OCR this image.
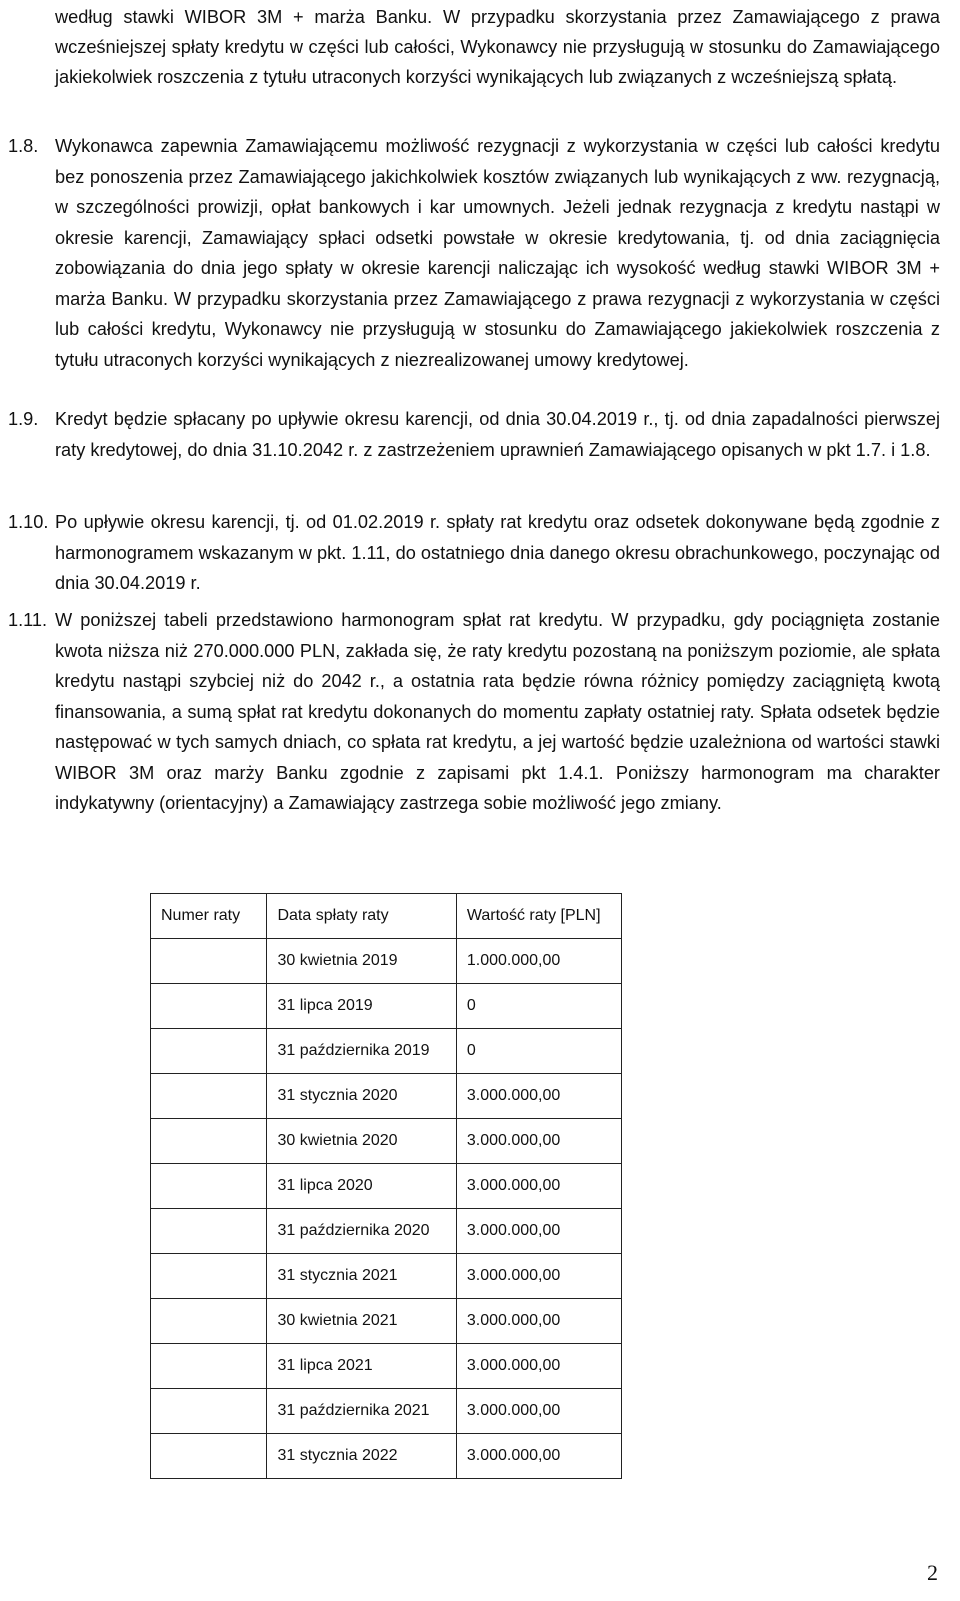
według stawki WIBOR 3M + marża Banku. W przypadku skorzystania przez Zamawiającego z prawa wcześniejszej spłaty kredytu w części lub całości, Wykonawcy nie przysługują w stosunku do Zamawiającego jakiekolwiek roszczenia z tytułu utraconych korzyści wynikających lub związanych z wcześniejszą spłatą.

1.8. Wykonawca zapewnia Zamawiającemu możliwość rezygnacji z wykorzystania w części lub całości kredytu bez ponoszenia przez Zamawiającego jakichkolwiek kosztów związanych lub wynikających z ww. rezygnacją, w szczególności prowizji, opłat bankowych i kar umownych. Jeżeli jednak rezygnacja z kredytu nastąpi w okresie karencji, Zamawiający spłaci odsetki powstałe w okresie kredytowania, tj. od dnia zaciągnięcia zobowiązania do dnia jego spłaty w okresie karencji naliczając ich wysokość według stawki WIBOR 3M + marża Banku. W przypadku skorzystania przez Zamawiającego z prawa rezygnacji z wykorzystania w części lub całości kredytu, Wykonawcy nie przysługują w stosunku do Zamawiającego jakiekolwiek roszczenia z tytułu utraconych korzyści wynikających z niezrealizowanej umowy kredytowej.

1.9. Kredyt będzie spłacany po upływie okresu karencji, od dnia 30.04.2019 r., tj. od dnia zapadalności pierwszej raty kredytowej, do dnia 31.10.2042 r. z zastrzeżeniem uprawnień Zamawiającego opisanych w pkt 1.7. i 1.8.

1.10. Po upływie okresu karencji, tj. od 01.02.2019 r. spłaty rat kredytu oraz odsetek dokonywane będą zgodnie z harmonogramem wskazanym w pkt. 1.11, do ostatniego dnia danego okresu obrachunkowego, poczynając od dnia 30.04.2019 r.

1.11. W poniższej tabeli przedstawiono harmonogram spłat rat kredytu. W przypadku, gdy pociągnięta zostanie kwota niższa niż 270.000.000 PLN, zakłada się, że raty kredytu pozostaną na poniższym poziomie, ale spłata kredytu nastąpi szybciej niż do 2042 r., a ostatnia rata będzie równa różnicy pomiędzy zaciągniętą kwotą finansowania, a sumą spłat rat kredytu dokonanych do momentu zapłaty ostatniej raty. Spłata odsetek będzie następować w tych samych dniach, co spłata rat kredytu, a jej wartość będzie uzależniona od wartości stawki WIBOR 3M oraz marży Banku zgodnie z zapisami pkt 1.4.1. Poniższy harmonogram ma charakter indykatywny (orientacyjny) a Zamawiający zastrzega sobie możliwość jego zmiany.

Numer raty	Data spłaty raty	Wartość raty [PLN]
	30 kwietnia 2019	1.000.000,00
	31 lipca 2019	0
	31 października 2019	0
	31 stycznia 2020	3.000.000,00
	30 kwietnia 2020	3.000.000,00
	31 lipca 2020	3.000.000,00
	31 października 2020	3.000.000,00
	31 stycznia 2021	3.000.000,00
	30 kwietnia 2021	3.000.000,00
	31 lipca 2021	3.000.000,00
	31 października 2021	3.000.000,00
	31 stycznia 2022	3.000.000,00
2
